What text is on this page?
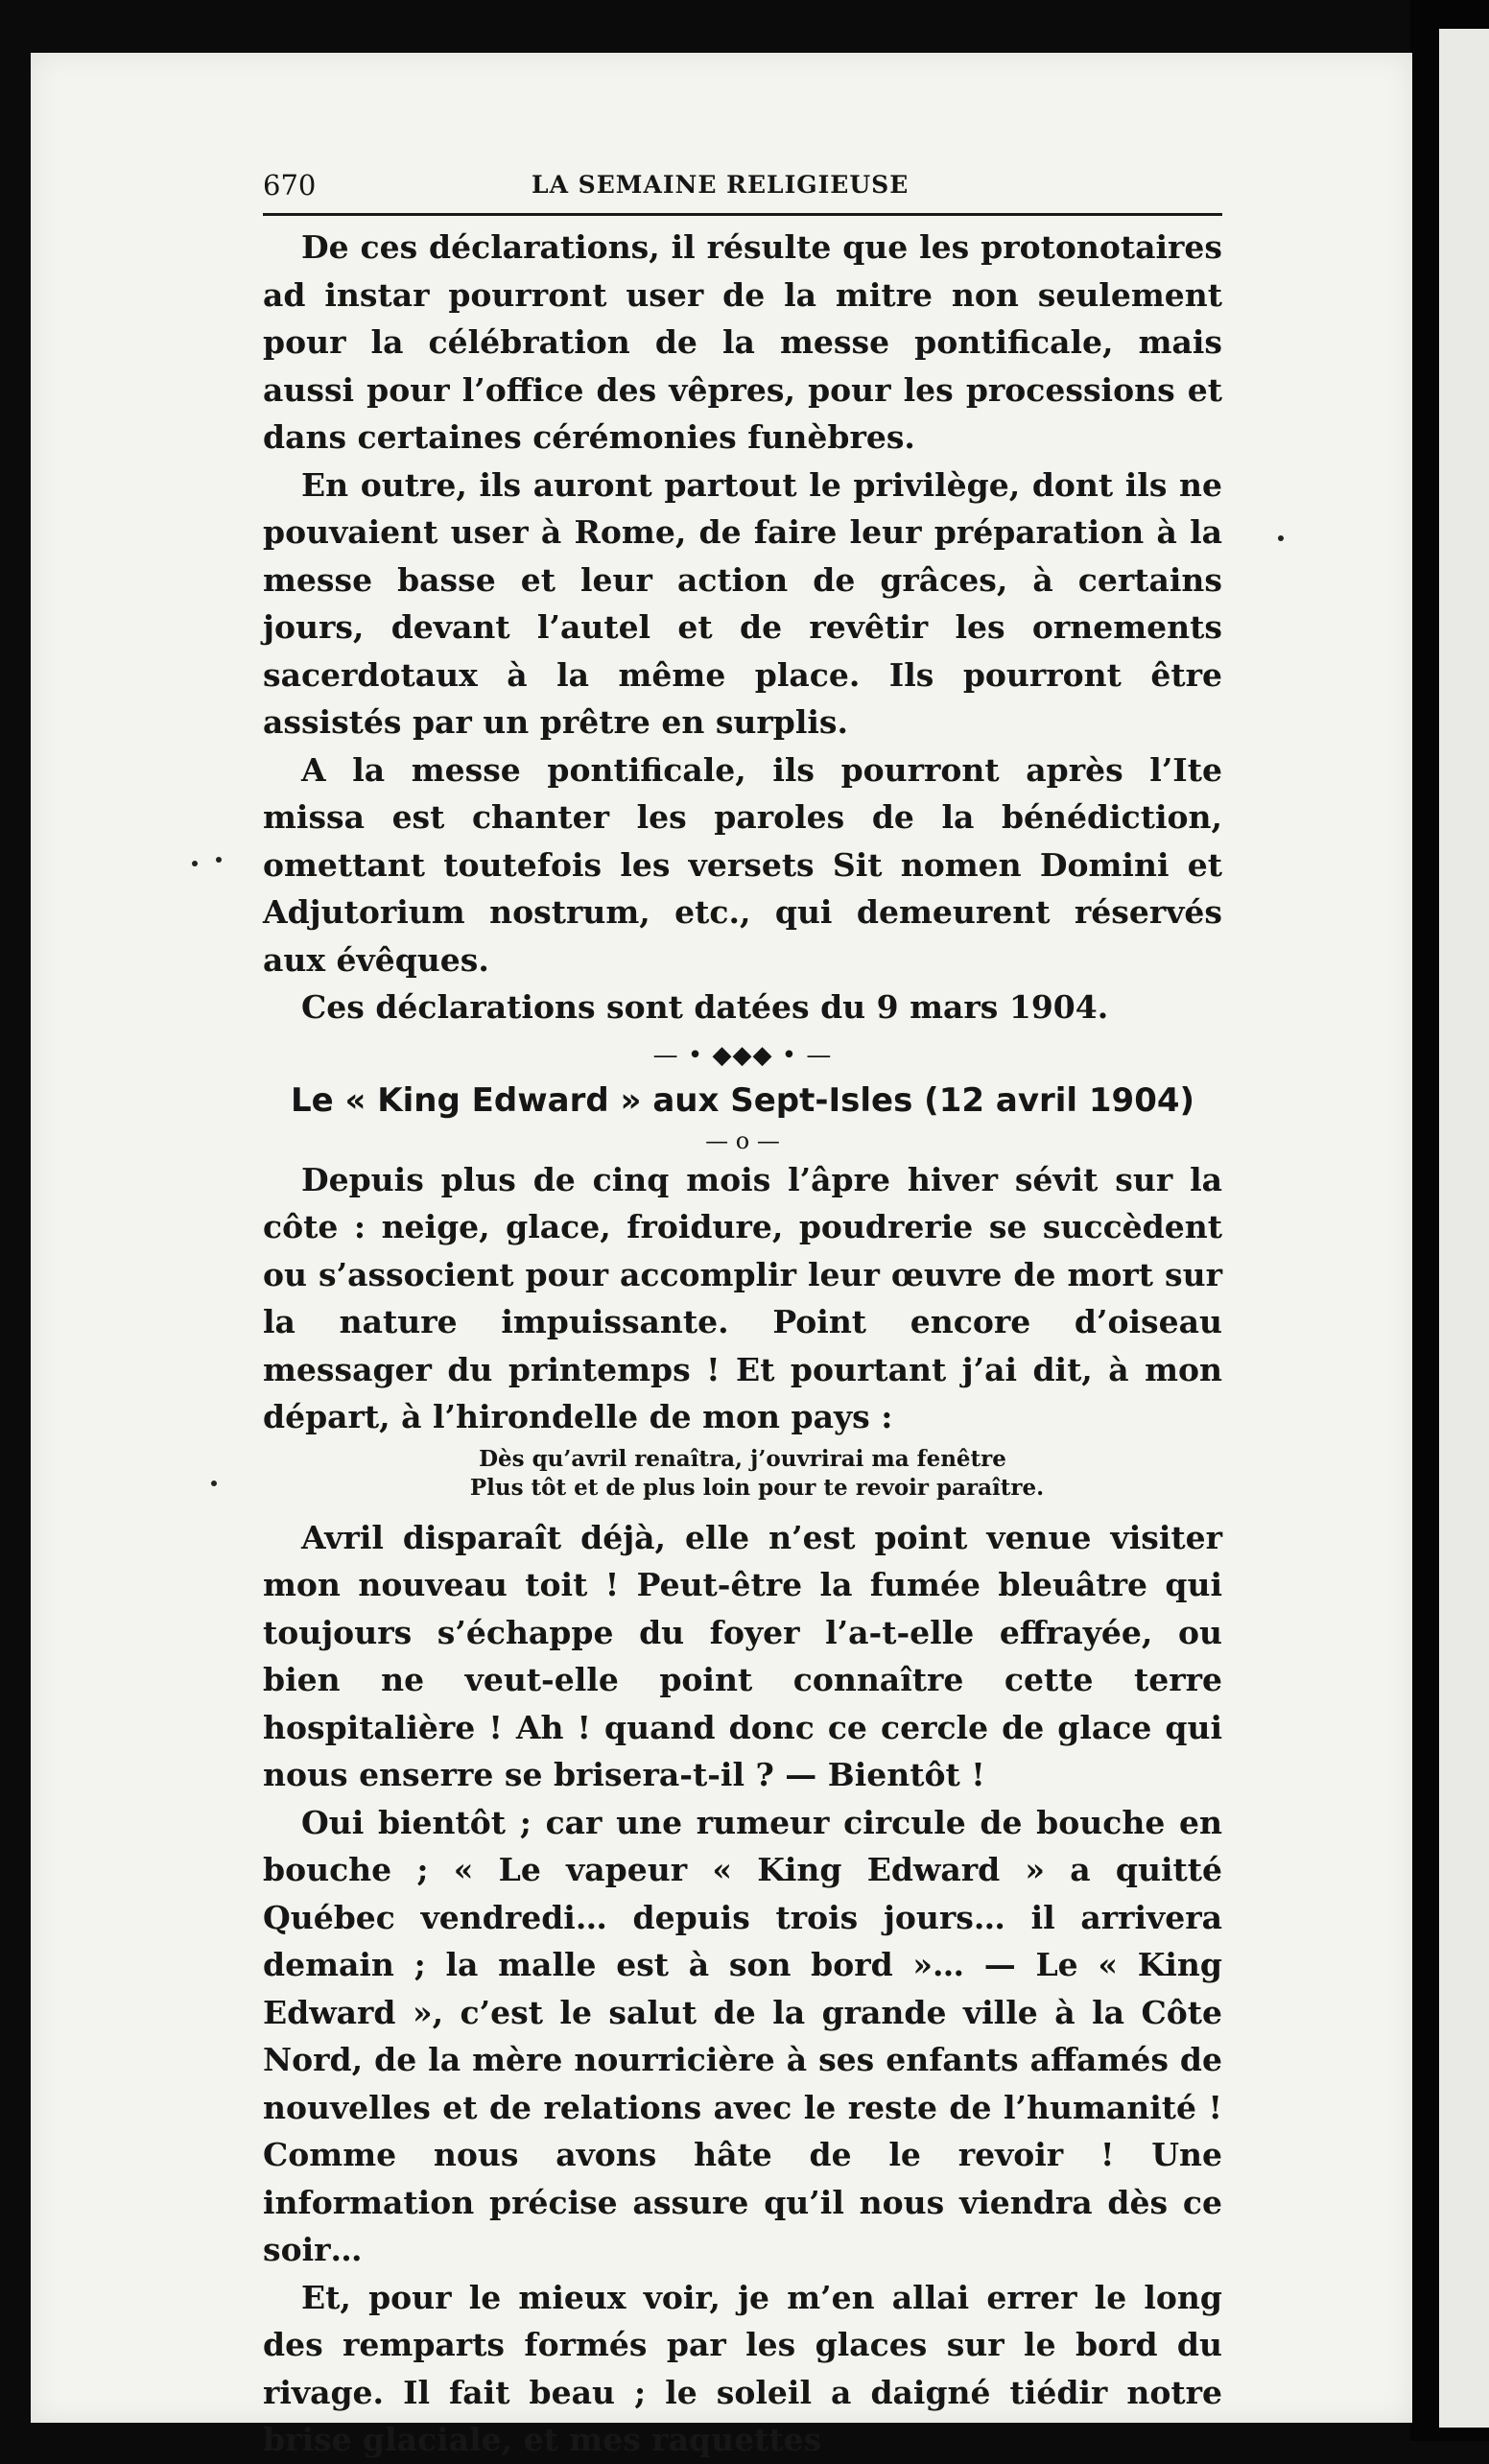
670	LA SEMAINE RELIGIEUSE

De ces déclarations, il résulte que les protonotaires ad instar pourront user de la mitre non seulement pour la célébration de la messe pontificale, mais aussi pour l’office des vêpres, pour les processions et dans certaines cérémonies funèbres.

En outre, ils auront partout le privilège, dont ils ne pouvaient user à Rome, de faire leur préparation à la messe basse et leur action de grâces, à certains jours, devant l’autel et de revêtir les ornements sacerdotaux à la même place. Ils pourront être assistés par un prêtre en surplis.

A la messe pontificale, ils pourront après l’Ite missa est chanter les paroles de la bénédiction, omettant toutefois les versets Sit nomen Domini et Adjutorium nostrum, etc., qui demeurent réservés aux évêques.

Ces déclarations sont datées du 9 mars 1904.

— • ◆◆◆ • —
Le « King Edward » aux Sept-Isles (12 avril 1904)
— o —

Depuis plus de cinq mois l’âpre hiver sévit sur la côte : neige, glace, froidure, poudrerie se succèdent ou s’associent pour accomplir leur œuvre de mort sur la nature impuissante. Point encore d’oiseau messager du printemps ! Et pourtant j’ai dit, à mon départ, à l’hirondelle de mon pays :

Dès qu’avril renaîtra, j’ouvrirai ma fenêtre
Plus tôt et de plus loin pour te revoir paraître.

Avril disparaît déjà, elle n’est point venue visiter mon nouveau toit ! Peut-être la fumée bleuâtre qui toujours s’échappe du foyer l’a-t-elle effrayée, ou bien ne veut-elle point connaître cette terre hospitalière ! Ah ! quand donc ce cercle de glace qui nous enserre se brisera-t-il ? — Bientôt !

Oui bientôt ; car une rumeur circule de bouche en bouche ; « Le vapeur « King Edward » a quitté Québec vendredi… depuis trois jours… il arrivera demain ; la malle est à son bord »… — Le « King Edward », c’est le salut de la grande ville à la Côte Nord, de la mère nourricière à ses enfants affamés de nouvelles et de relations avec le reste de l’humanité ! Comme nous avons hâte de le revoir ! Une information précise assure qu’il nous viendra dès ce soir…

Et, pour le mieux voir, je m’en allai errer le long des remparts formés par les glaces sur le bord du rivage. Il fait beau ; le soleil a daigné tiédir notre brise glaciale, et mes raquettes
